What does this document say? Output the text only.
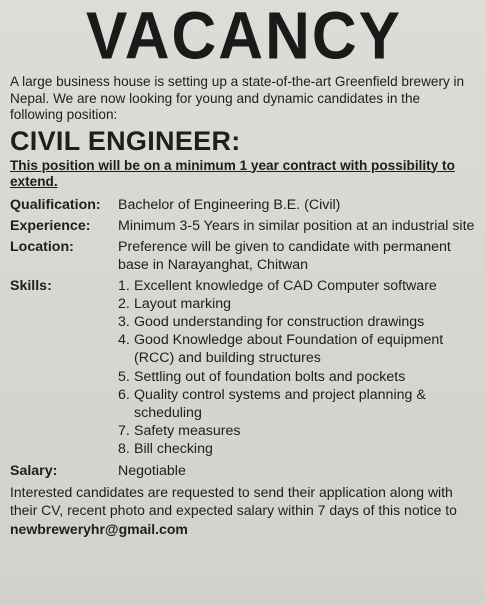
VACANCY

A large business house is setting up a state-of-the-art Greenfield brewery in Nepal. We are now looking for young and dynamic candidates in the following position:

CIVIL ENGINEER:
This position will be on a minimum 1 year contract with possibility to extend.
Qualification:	Bachelor of Engineering B.E. (Civil)
Experience:	Minimum 3-5 Years in similar position at an industrial site
Location:	Preference will be given to candidate with permanent base in Narayanghat, Chitwan
Skills:	1. Excellent knowledge of CAD Computer software
2. Layout marking
3. Good understanding for construction drawings
4. Good Knowledge about Foundation of equipment (RCC) and building structures
5. Settling out of foundation bolts and pockets
6. Quality control systems and project planning & scheduling
7. Safety measures
8. Bill checking
Salary:	Negotiable
Interested candidates are requested to send their application along with their CV, recent photo and expected salary within 7 days of this notice to newbreweryhr@gmail.com
